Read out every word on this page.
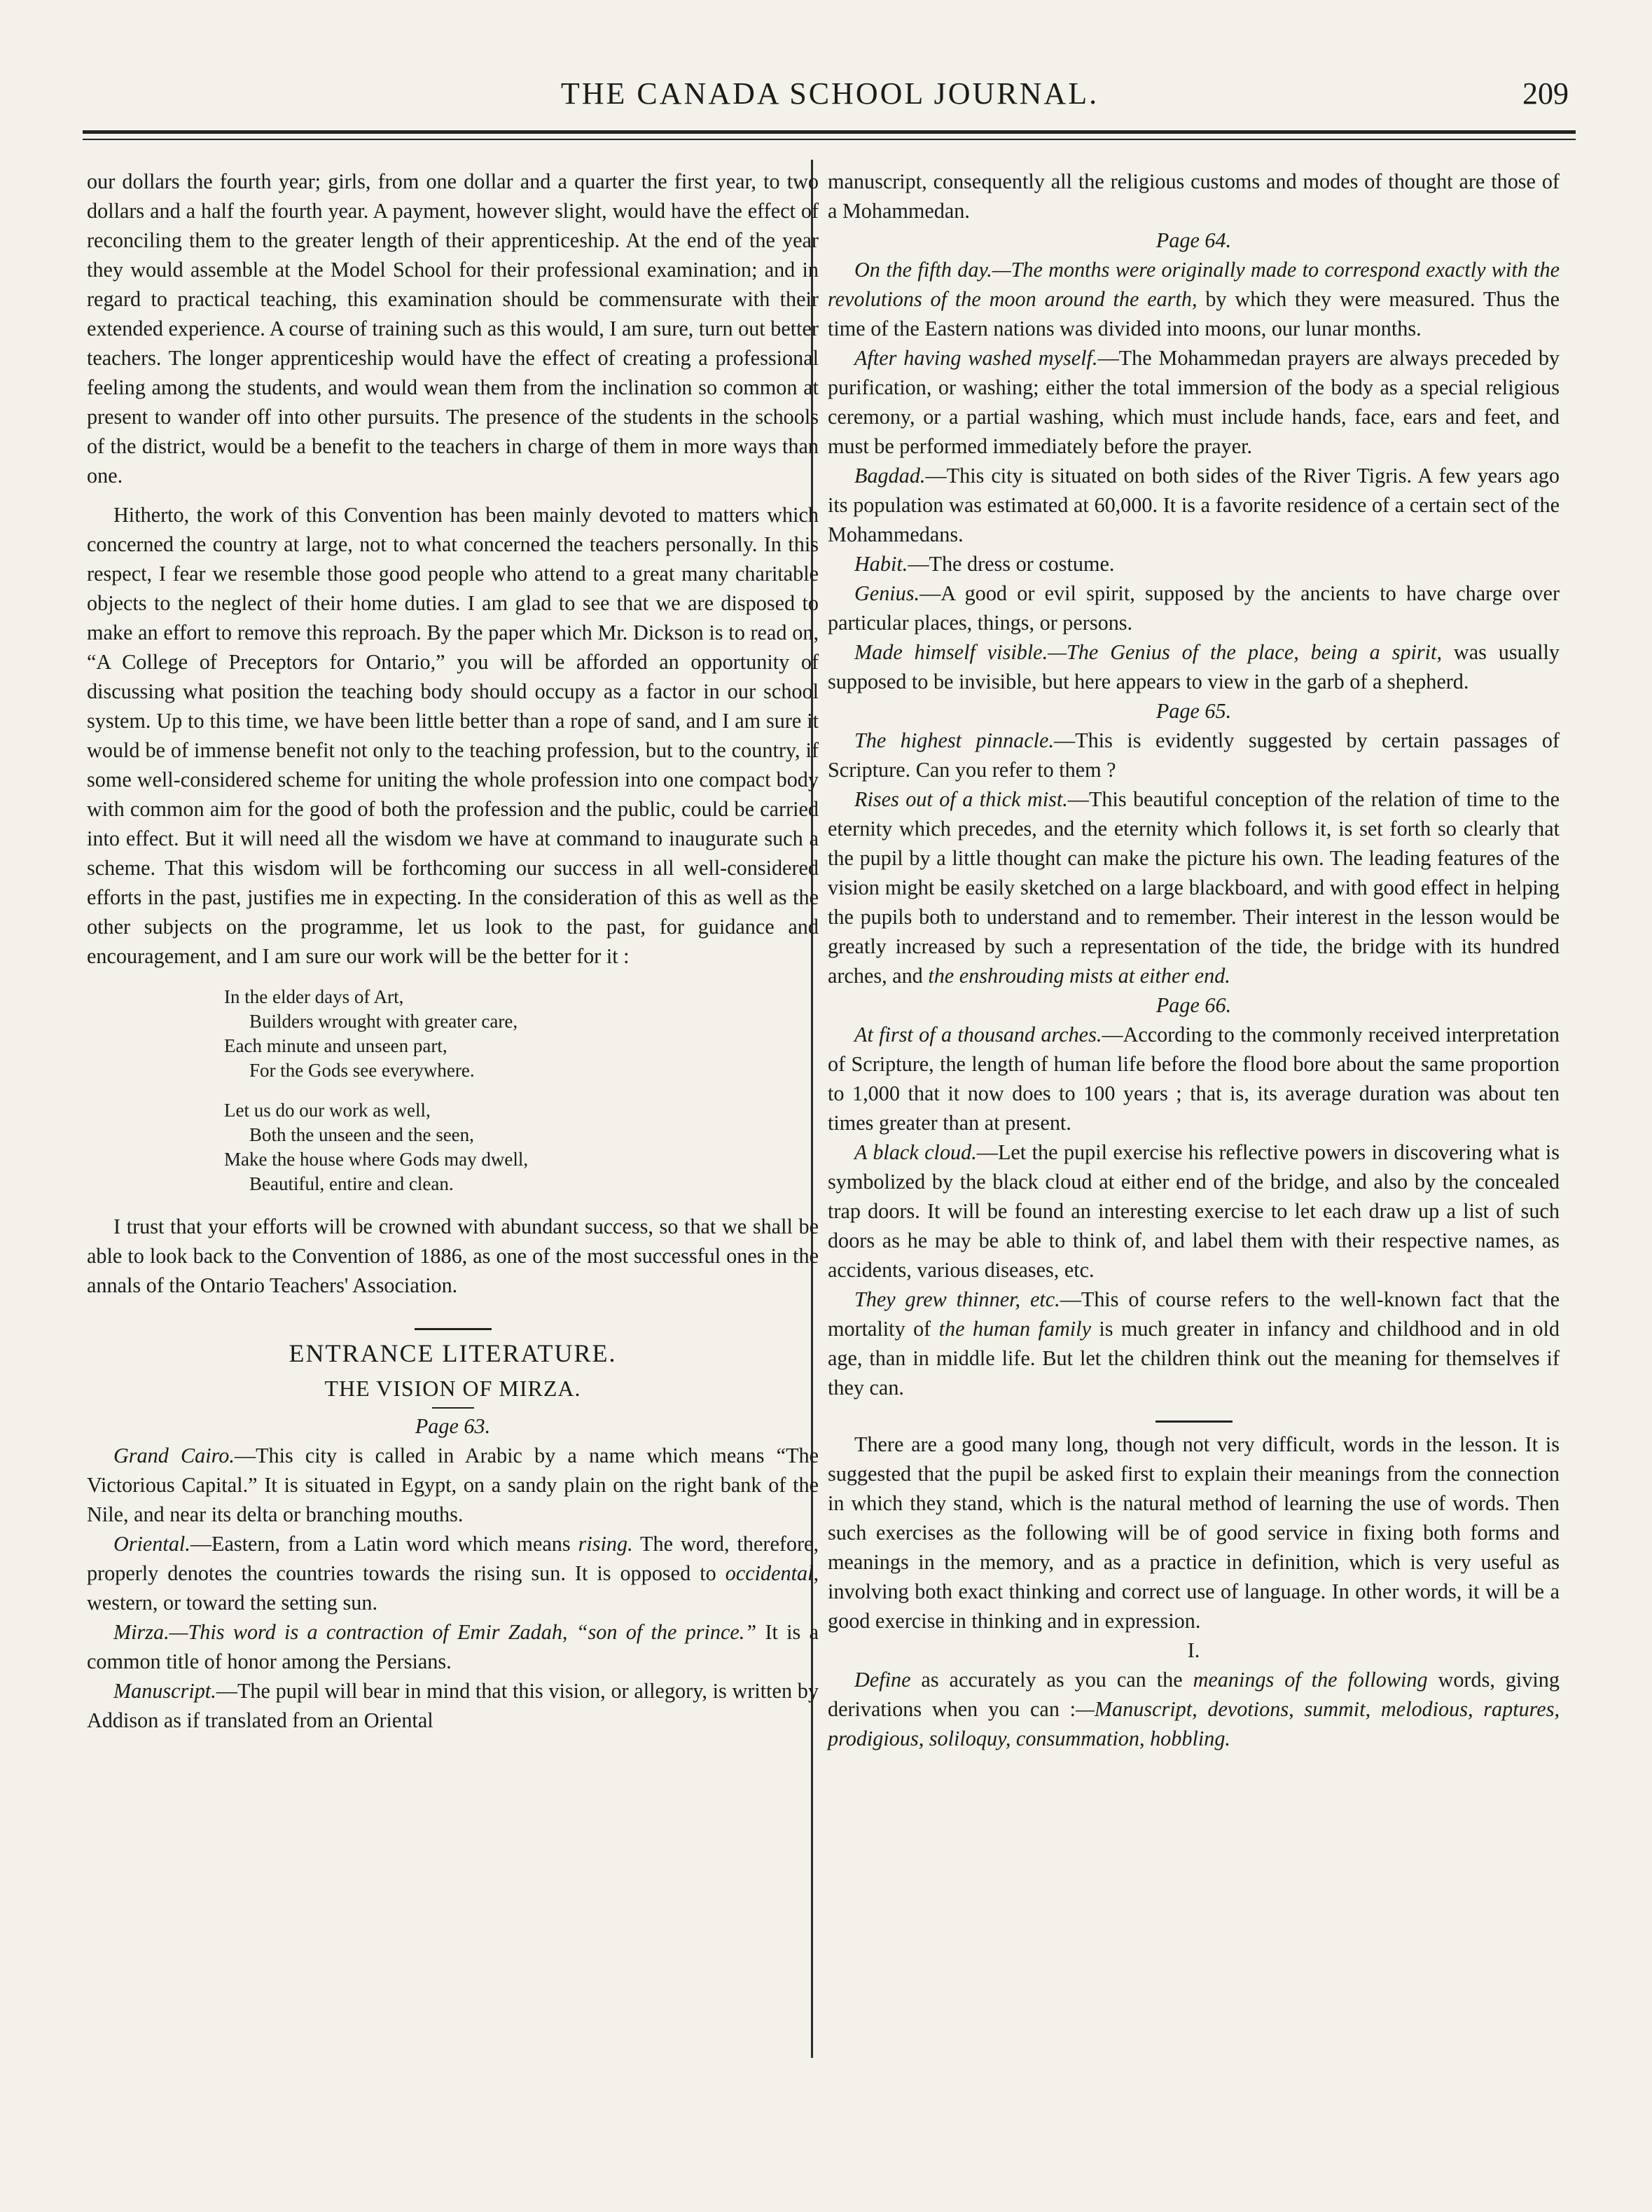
THE CANADA SCHOOL JOURNAL.	209

our dollars the fourth year; girls, from one dollar and a quarter the first year, to two dollars and a half the fourth year. A payment, however slight, would have the effect of reconciling them to the greater length of their apprenticeship. At the end of the year they would assemble at the Model School for their professional examination; and in regard to practical teaching, this examination should be commensurate with their extended experience. A course of training such as this would, I am sure, turn out better teachers. The longer apprenticeship would have the effect of creating a professional feeling among the students, and would wean them from the inclination so common at present to wander off into other pursuits. The presence of the students in the schools of the district, would be a benefit to the teachers in charge of them in more ways than one.

Hitherto, the work of this Convention has been mainly devoted to matters which concerned the country at large, not to what concerned the teachers personally. In this respect, I fear we resemble those good people who attend to a great many charitable objects to the neglect of their home duties. I am glad to see that we are disposed to make an effort to remove this reproach. By the paper which Mr. Dickson is to read on, “A College of Preceptors for Ontario,” you will be afforded an opportunity of discussing what position the teaching body should occupy as a factor in our school system. Up to this time, we have been little better than a rope of sand, and I am sure it would be of immense benefit not only to the teaching profession, but to the country, if some well-considered scheme for uniting the whole profession into one compact body with common aim for the good of both the profession and the public, could be carried into effect. But it will need all the wisdom we have at command to inaugurate such a scheme. That this wisdom will be forthcoming our success in all well-considered efforts in the past, justifies me in expecting. In the consideration of this as well as the other subjects on the programme, let us look to the past, for guidance and encouragement, and I am sure our work will be the better for it :

In the elder days of Art,
Builders wrought with greater care,
Each minute and unseen part,
For the Gods see everywhere.
Let us do our work as well,
Both the unseen and the seen,
Make the house where Gods may dwell,
Beautiful, entire and clean.

I trust that your efforts will be crowned with abundant success, so that we shall be able to look back to the Convention of 1886, as one of the most successful ones in the annals of the Ontario Teachers' Association.

ENTRANCE LITERATURE.
THE VISION OF MIRZA.

Page 63.

Grand Cairo.—This city is called in Arabic by a name which means “The Victorious Capital.” It is situated in Egypt, on a sandy plain on the right bank of the Nile, and near its delta or branching mouths.

Oriental.—Eastern, from a Latin word which means rising. The word, therefore, properly denotes the countries towards the rising sun. It is opposed to occidental, western, or toward the setting sun.

Mirza.—This word is a contraction of Emir Zadah, “son of the prince.” It is a common title of honor among the Persians.

Manuscript.—The pupil will bear in mind that this vision, or allegory, is written by Addison as if translated from an Oriental

manuscript, consequently all the religious customs and modes of thought are those of a Mohammedan.

Page 64.

On the fifth day.—The months were originally made to correspond exactly with the revolutions of the moon around the earth, by which they were measured. Thus the time of the Eastern nations was divided into moons, our lunar months.

After having washed myself.—The Mohammedan prayers are always preceded by purification, or washing; either the total immersion of the body as a special religious ceremony, or a partial washing, which must include hands, face, ears and feet, and must be performed immediately before the prayer.

Bagdad.—This city is situated on both sides of the River Tigris. A few years ago its population was estimated at 60,000. It is a favorite residence of a certain sect of the Mohammedans.

Habit.—The dress or costume.

Genius.—A good or evil spirit, supposed by the ancients to have charge over particular places, things, or persons.

Made himself visible.—The Genius of the place, being a spirit, was usually supposed to be invisible, but here appears to view in the garb of a shepherd.

Page 65.

The highest pinnacle.—This is evidently suggested by certain passages of Scripture. Can you refer to them ?

Rises out of a thick mist.—This beautiful conception of the relation of time to the eternity which precedes, and the eternity which follows it, is set forth so clearly that the pupil by a little thought can make the picture his own. The leading features of the vision might be easily sketched on a large blackboard, and with good effect in helping the pupils both to understand and to remember. Their interest in the lesson would be greatly increased by such a representation of the tide, the bridge with its hundred arches, and the enshrouding mists at either end.

Page 66.

At first of a thousand arches.—According to the commonly received interpretation of Scripture, the length of human life before the flood bore about the same proportion to 1,000 that it now does to 100 years ; that is, its average duration was about ten times greater than at present.

A black cloud.—Let the pupil exercise his reflective powers in discovering what is symbolized by the black cloud at either end of the bridge, and also by the concealed trap doors. It will be found an interesting exercise to let each draw up a list of such doors as he may be able to think of, and label them with their respective names, as accidents, various diseases, etc.

They grew thinner, etc.—This of course refers to the well-known fact that the mortality of the human family is much greater in infancy and childhood and in old age, than in middle life. But let the children think out the meaning for themselves if they can.

There are a good many long, though not very difficult, words in the lesson. It is suggested that the pupil be asked first to explain their meanings from the connection in which they stand, which is the natural method of learning the use of words. Then such exercises as the following will be of good service in fixing both forms and meanings in the memory, and as a practice in definition, which is very useful as involving both exact thinking and correct use of language. In other words, it will be a good exercise in thinking and in expression.

I.

Define as accurately as you can the meanings of the following words, giving derivations when you can :—Manuscript, devotions, summit, melodious, raptures, prodigious, soliloquy, consummation, hobbling.
